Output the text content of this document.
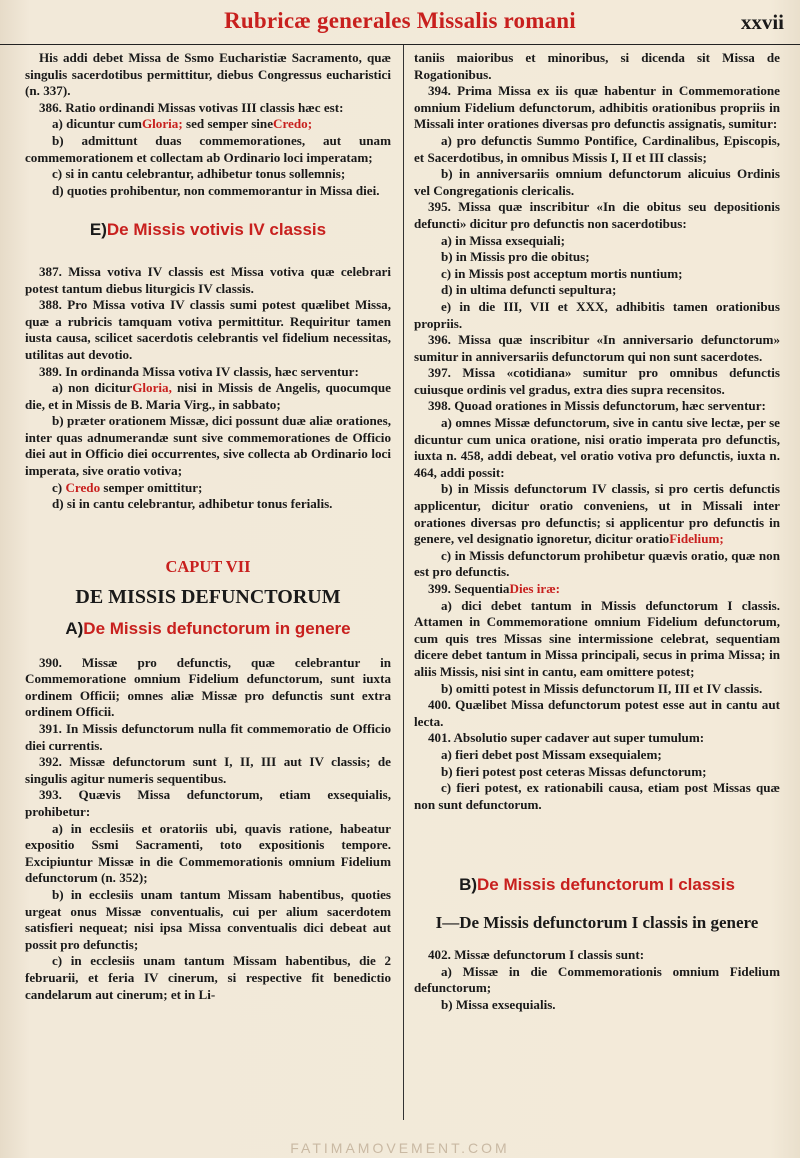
Rubricæ generales Missalis romani	xxvii

His addi debet Missa de Ssmo Eucharistiæ Sacramento, quæ singulis sacerdotibus permittitur, diebus Congressus eucharistici (n. 337).

386. Ratio ordinandi Missas votivas III classis hæc est:

a) dicuntur cumGloria; sed semper sineCredo;

b) admittunt duas commemorationes, aut unam commemorationem et collectam ab Ordinario loci imperatam;

c) si in cantu celebrantur, adhibetur tonus sollemnis;

d) quoties prohibentur, non commemorantur in Missa diei.

E)De Missis votivis IV classis

387. Missa votiva IV classis est Missa votiva quæ celebrari potest tantum diebus liturgicis IV classis.

388. Pro Missa votiva IV classis sumi potest quælibet Missa, quæ a rubricis tamquam votiva permittitur. Requiritur tamen iusta causa, scilicet sacerdotis celebrantis vel fidelium necessitas, utilitas aut devotio.

389. In ordinanda Missa votiva IV classis, hæc serventur:

a) non diciturGloria, nisi in Missis de Angelis, quocumque die, et in Missis de B. Maria Virg., in sabbato;

b) præter orationem Missæ, dici possunt duæ aliæ orationes, inter quas adnumerandæ sunt sive commemorationes de Officio diei aut in Officio diei occurrentes, sive collecta ab Ordinario loci imperata, sive oratio votiva;

c) Credo semper omittitur;

d) si in cantu celebrantur, adhibetur tonus ferialis.

CAPUT VII
DE MISSIS DEFUNCTORUM
A)De Missis defunctorum in genere

390. Missæ pro defunctis, quæ celebrantur in Commemoratione omnium Fidelium defunctorum, sunt iuxta ordinem Officii; omnes aliæ Missæ pro defunctis sunt extra ordinem Officii.

391. In Missis defunctorum nulla fit commemoratio de Officio diei currentis.

392. Missæ defunctorum sunt I, II, III aut IV classis; de singulis agitur numeris sequentibus.

393. Quævis Missa defunctorum, etiam exsequialis, prohibetur:

a) in ecclesiis et oratoriis ubi, quavis ratione, habeatur expositio Ssmi Sacramenti, toto expositionis tempore. Excipiuntur Missæ in die Commemorationis omnium Fidelium defunctorum (n. 352);

b) in ecclesiis unam tantum Missam habentibus, quoties urgeat onus Missæ conventualis, cui per alium sacerdotem satisfieri nequeat; nisi ipsa Missa conventualis dici debeat aut possit pro defunctis;

c) in ecclesiis unam tantum Missam habentibus, die 2 februarii, et feria IV cinerum, si respective fit benedictio candelarum aut cinerum; et in Li-

taniis maioribus et minoribus, si dicenda sit Missa de Rogationibus.

394. Prima Missa ex iis quæ habentur in Commemoratione omnium Fidelium defunctorum, adhibitis orationibus propriis in Missali inter orationes diversas pro defunctis assignatis, sumitur:

a) pro defunctis Summo Pontifice, Cardinalibus, Episcopis, et Sacerdotibus, in omnibus Missis I, II et III classis;

b) in anniversariis omnium defunctorum alicuius Ordinis vel Congregationis clericalis.

395. Missa quæ inscribitur «In die obitus seu depositionis defuncti» dicitur pro defunctis non sacerdotibus:

a) in Missa exsequiali;

b) in Missis pro die obitus;

c) in Missis post acceptum mortis nuntium;

d) in ultima defuncti sepultura;

e) in die III, VII et XXX, adhibitis tamen orationibus propriis.

396. Missa quæ inscribitur «In anniversario defunctorum» sumitur in anniversariis defunctorum qui non sunt sacerdotes.

397. Missa «cotidiana» sumitur pro omnibus defunctis cuiusque ordinis vel gradus, extra dies supra recensitos.

398. Quoad orationes in Missis defunctorum, hæc serventur:

a) omnes Missæ defunctorum, sive in cantu sive lectæ, per se dicuntur cum unica oratione, nisi oratio imperata pro defunctis, iuxta n. 458, addi debeat, vel oratio votiva pro defunctis, iuxta n. 464, addi possit:

b) in Missis defunctorum IV classis, si pro certis defunctis applicentur, dicitur oratio conveniens, ut in Missali inter orationes diversas pro defunctis; si applicentur pro defunctis in genere, vel designatio ignoretur, dicitur oratioFidelium;

c) in Missis defunctorum prohibetur quævis oratio, quæ non est pro defunctis.

399. SequentiaDies iræ:

a) dici debet tantum in Missis defunctorum I classis. Attamen in Commemoratione omnium Fidelium defunctorum, cum quis tres Missas sine intermissione celebrat, sequentiam dicere debet tantum in Missa principali, secus in prima Missa; in aliis Missis, nisi sint in cantu, eam omittere potest;

b) omitti potest in Missis defunctorum II, III et IV classis.

400. Quælibet Missa defunctorum potest esse aut in cantu aut lecta.

401. Absolutio super cadaver aut super tumulum:

a) fieri debet post Missam exsequialem;

b) fieri potest post ceteras Missas defunctorum;

c) fieri potest, ex rationabili causa, etiam post Missas quæ non sunt defunctorum.

B)De Missis defunctorum I classis
I—De Missis defunctorum I classis in genere

402. Missæ defunctorum I classis sunt:

a) Missæ in die Commemorationis omnium Fidelium defunctorum;

b) Missa exsequialis.

FATIMAMOVEMENT.COM
